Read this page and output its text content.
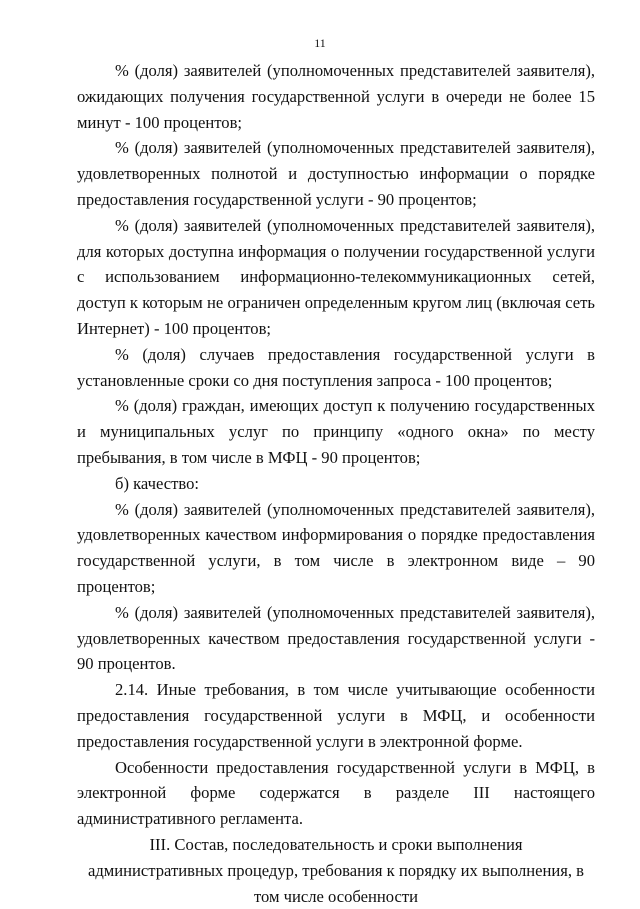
11

% (доля) заявителей (уполномоченных представителей заявителя), ожидающих получения государственной услуги в очереди не более 15 минут - 100 процентов;

% (доля) заявителей (уполномоченных представителей заявителя), удовлетворенных полнотой и доступностью информации о порядке предоставления государственной услуги - 90 процентов;

% (доля) заявителей (уполномоченных представителей заявителя), для которых доступна информация о получении государственной услуги с использованием информационно-телекоммуникационных сетей, доступ к которым не ограничен определенным кругом лиц (включая сеть Интернет) - 100 процентов;

% (доля) случаев предоставления государственной услуги в установленные сроки со дня поступления запроса - 100 процентов;

% (доля) граждан, имеющих доступ к получению государственных и муниципальных услуг по принципу «одного окна» по месту пребывания, в том числе в МФЦ - 90 процентов;

б) качество:

% (доля) заявителей (уполномоченных представителей заявителя), удовлетворенных качеством информирования о порядке предоставления государственной услуги, в том числе в электронном виде – 90 процентов;

% (доля) заявителей (уполномоченных представителей заявителя), удовлетворенных качеством предоставления государственной услуги - 90 процентов.

2.14. Иные требования, в том числе учитывающие особенности предоставления государственной услуги в МФЦ, и особенности предоставления государственной услуги в электронной форме.

Особенности предоставления государственной услуги в МФЦ, в электронной форме содержатся в разделе III настоящего административного регламента.

III. Состав, последовательность и сроки выполнения административных процедур, требования к порядку их выполнения, в том числе особенности
